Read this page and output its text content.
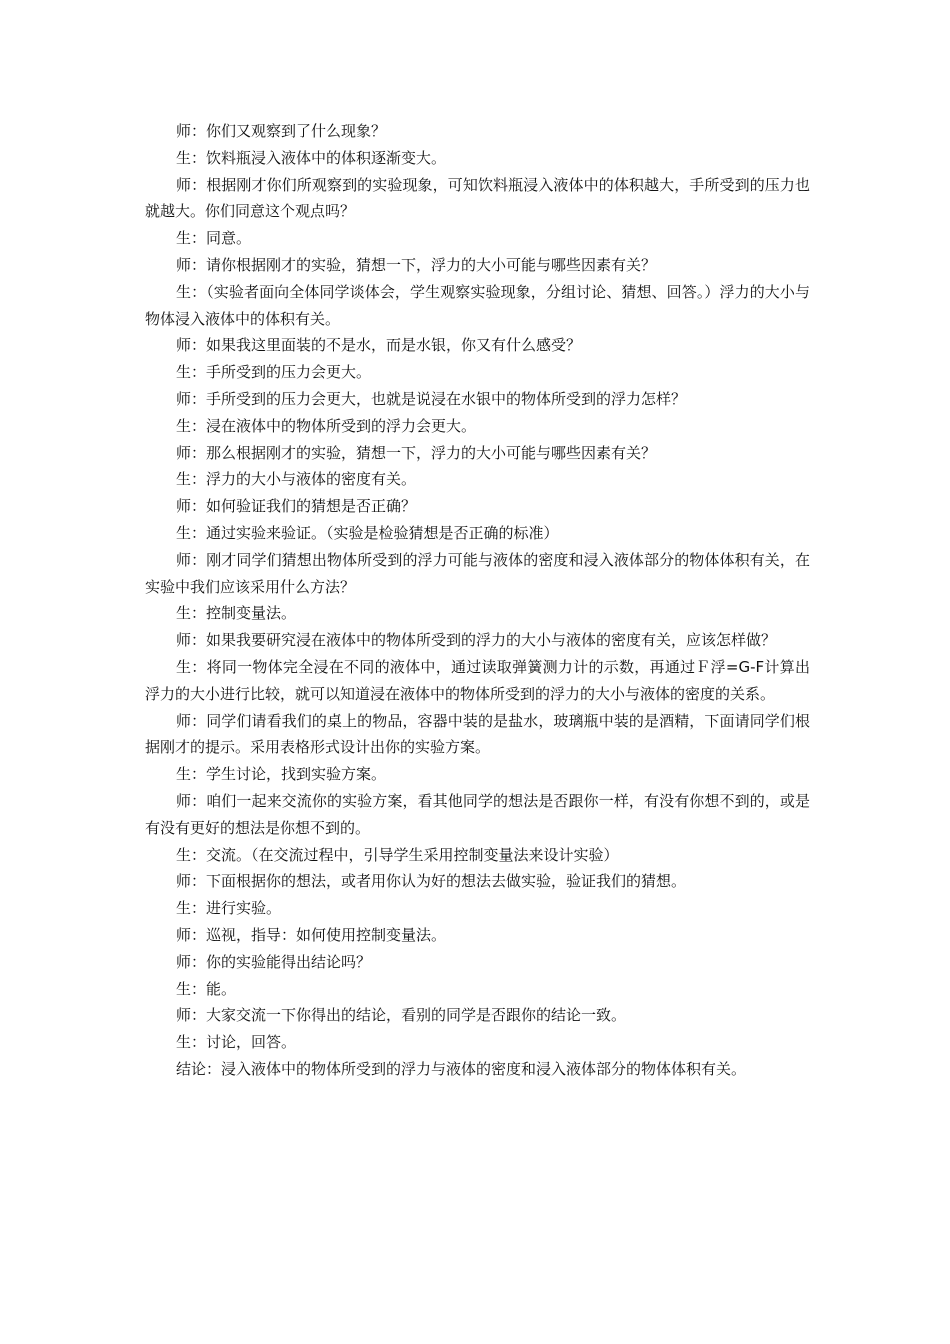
师：你们又观察到了什么现象？

生：饮料瓶浸入液体中的体积逐渐变大。

师：根据刚才你们所观察到的实验现象，可知饮料瓶浸入液体中的体积越大，手所受到的压力也就越大。你们同意这个观点吗？

生：同意。

师：请你根据刚才的实验，猜想一下，浮力的大小可能与哪些因素有关？

生：（实验者面向全体同学谈体会，学生观察实验现象，分组讨论、猜想、回答。）浮力的大小与物体浸入液体中的体积有关。

师：如果我这里面装的不是水，而是水银，你又有什么感受？

生：手所受到的压力会更大。

师：手所受到的压力会更大，也就是说浸在水银中的物体所受到的浮力怎样？

生：浸在液体中的物体所受到的浮力会更大。

师：那么根据刚才的实验，猜想一下，浮力的大小可能与哪些因素有关？

生：浮力的大小与液体的密度有关。

师：如何验证我们的猜想是否正确？

生：通过实验来验证。（实验是检验猜想是否正确的标准）

师：刚才同学们猜想出物体所受到的浮力可能与液体的密度和浸入液体部分的物体体积有关，在实验中我们应该采用什么方法？

生：控制变量法。

师：如果我要研究浸在液体中的物体所受到的浮力的大小与液体的密度有关，应该怎样做？

生：将同一物体完全浸在不同的液体中，通过读取弹簧测力计的示数，再通过Ｆ浮=G-F计算出浮力的大小进行比较，就可以知道浸在液体中的物体所受到的浮力的大小与液体的密度的关系。

师：同学们请看我们的桌上的物品，容器中装的是盐水，玻璃瓶中装的是酒精，下面请同学们根据刚才的提示。采用表格形式设计出你的实验方案。

生：学生讨论，找到实验方案。

师：咱们一起来交流你的实验方案，看其他同学的想法是否跟你一样，有没有你想不到的，或是有没有更好的想法是你想不到的。

生：交流。（在交流过程中，引导学生采用控制变量法来设计实验）

师：下面根据你的想法，或者用你认为好的想法去做实验，验证我们的猜想。

生：进行实验。

师：巡视，指导：如何使用控制变量法。

师：你的实验能得出结论吗？

生：能。

师：大家交流一下你得出的结论，看别的同学是否跟你的结论一致。

生：讨论，回答。

结论：浸入液体中的物体所受到的浮力与液体的密度和浸入液体部分的物体体积有关。
